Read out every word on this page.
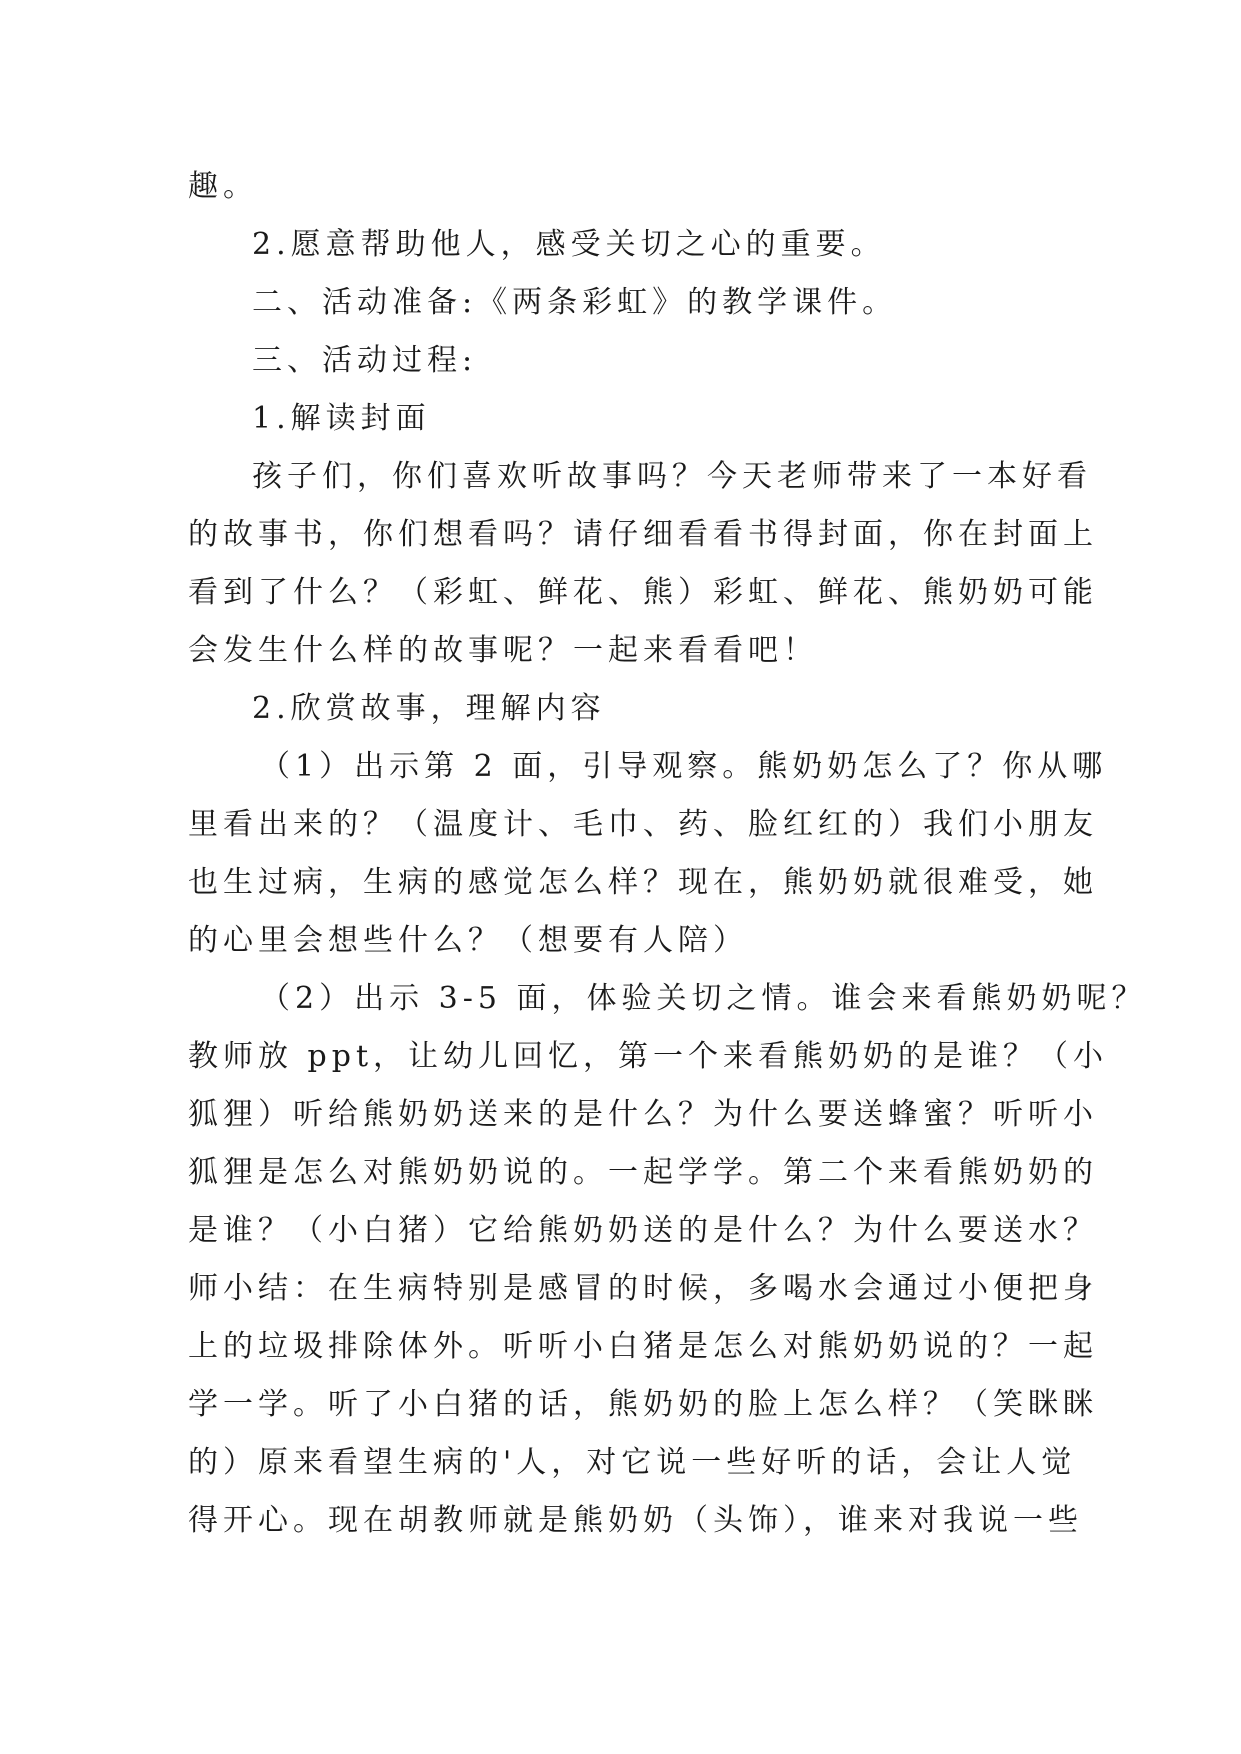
趣。
2.愿意帮助他人，感受关切之心的重要。
二、活动准备:《两条彩虹》的教学课件。
三、活动过程:
1.解读封面
孩子们，你们喜欢听故事吗？今天老师带来了一本好看
的故事书，你们想看吗？请仔细看看书得封面，你在封面上
看到了什么？（彩虹、鲜花、熊）彩虹、鲜花、熊奶奶可能
会发生什么样的故事呢？一起来看看吧！
2.欣赏故事，理解内容
（1）出示第 2 面，引导观察。熊奶奶怎么了？你从哪
里看出来的？（温度计、毛巾、药、脸红红的）我们小朋友
也生过病，生病的感觉怎么样？现在，熊奶奶就很难受，她
的心里会想些什么？（想要有人陪）
（2）出示 3-5 面，体验关切之情。谁会来看熊奶奶呢？
教师放 ppt，让幼儿回忆，第一个来看熊奶奶的是谁？（小
狐狸）听给熊奶奶送来的是什么？为什么要送蜂蜜？听听小
狐狸是怎么对熊奶奶说的。一起学学。第二个来看熊奶奶的
是谁？（小白猪）它给熊奶奶送的是什么？为什么要送水？
师小结：在生病特别是感冒的时候，多喝水会通过小便把身
上的垃圾排除体外。听听小白猪是怎么对熊奶奶说的？一起
学一学。听了小白猪的话，熊奶奶的脸上怎么样？（笑眯眯
的）原来看望生病的'人，对它说一些好听的话，会让人觉
得开心。现在胡教师就是熊奶奶（头饰），谁来对我说一些
